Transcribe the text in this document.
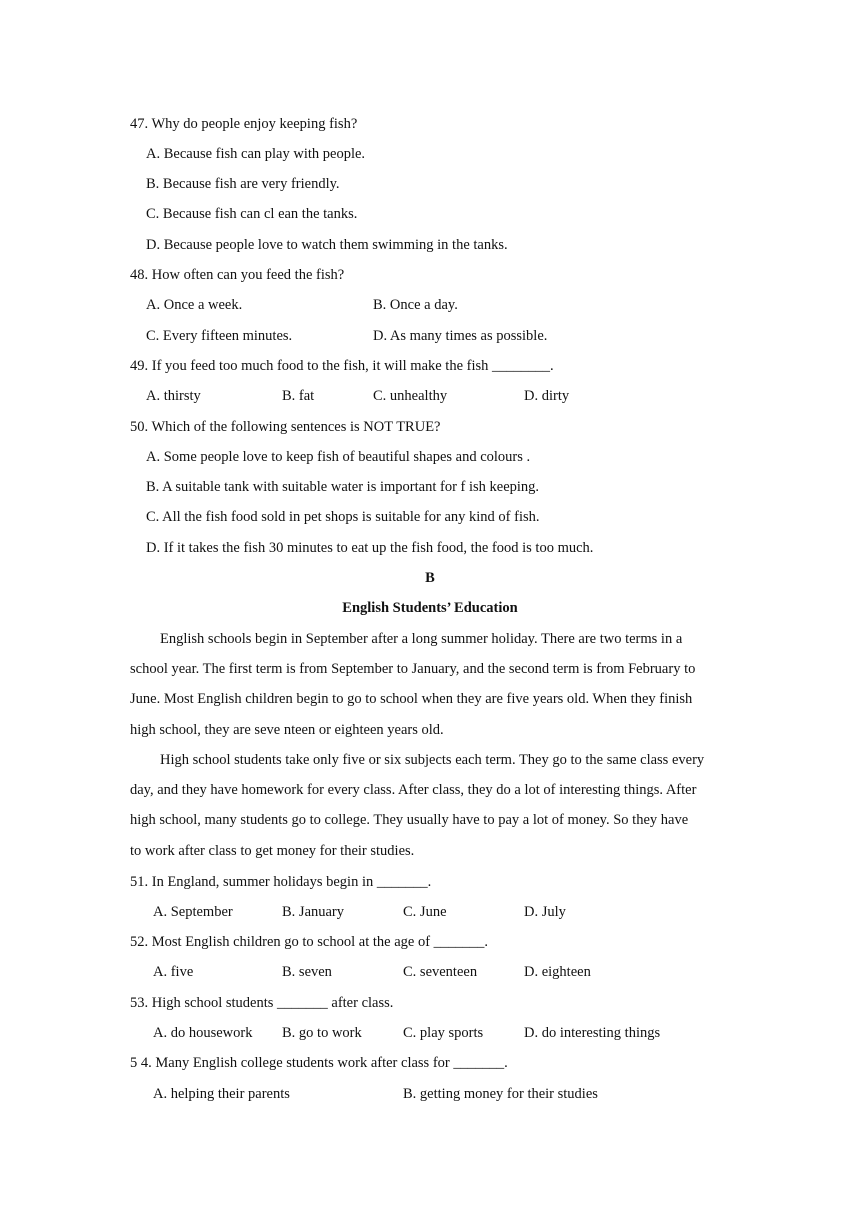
47. Why do people enjoy keeping fish?
A. Because fish can play with people.
B. Because fish are very friendly.
C. Because fish can cl ean the tanks.
D. Because people love to watch them swimming in the tanks.
48. How often can you feed the fish?
A. Once a week.	B. Once a day.
C. Every fifteen minutes.	D. As many times as possible.
49. If you feed too much food to the fish, it will make the fish ________.
A. thirsty	B. fat	C. unhealthy	D. dirty
50. Which of the following sentences is NOT TRUE?
A. Some people love to keep fish of beautiful shapes and colours .
B. A suitable tank with suitable water is important for f ish keeping.
C. All the fish food sold in pet shops is suitable for any kind of fish.
D. If it takes the fish 30 minutes to eat up the fish food, the food is too much.
B
English Students’ Education
English schools begin in September after a long summer holiday. There are two terms in a
school year. The first term is from September to January, and the second term is from February to
June. Most English children begin to go to school when they are five years old. When they finish
high school, they are seve nteen or eighteen years old.
High school students take only five or six subjects each term. They go to the same class every
day, and they have homework for every class. After class, they do a lot of interesting things. After
high school, many students go to college. They usually have to pay a lot of money. So they have
to work after class to get money for their studies.
51. In England, summer holidays begin in _______.
A. September	B. January	C. June	D. July
52. Most English children go to school at the age of _______.
A. five	B. seven	C. seventeen	D. eighteen
53. High school students _______ after class.
A. do housework B. go to work	C. play sports	D. do interesting things
5 4. Many English college students work after class for _______.
A. helping their parents	B. getting money for their studies
